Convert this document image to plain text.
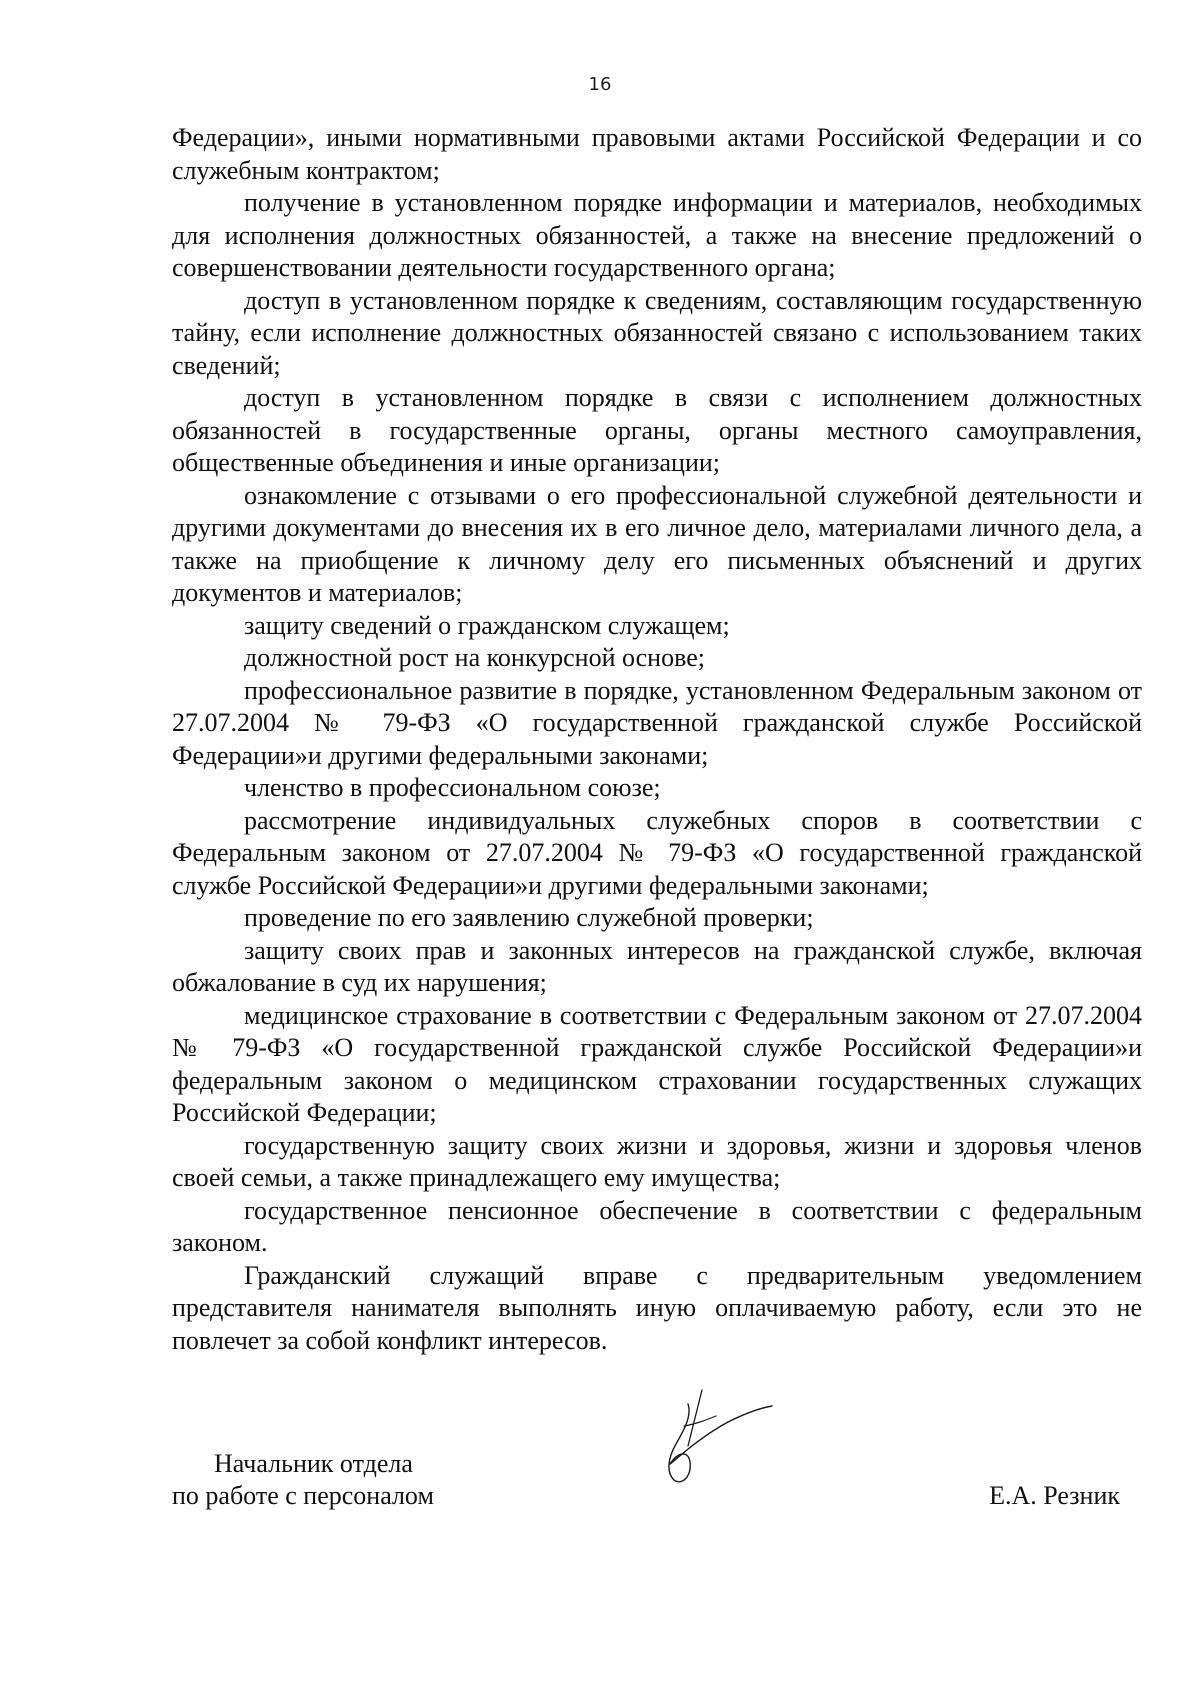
16

Федерации», иными нормативными правовыми актами Российской Федерации и со служебным контрактом;

получение в установленном порядке информации и материалов, необходимых для исполнения должностных обязанностей, а также на внесение предложений о совершенствовании деятельности государственного органа;

доступ в установленном порядке к сведениям, составляющим государственную тайну, если исполнение должностных обязанностей связано с использованием таких сведений;

доступ в установленном порядке в связи с исполнением должностных обязанностей в государственные органы, органы местного самоуправления, общественные объединения и иные организации;

ознакомление с отзывами о его профессиональной служебной деятельности и другими документами до внесения их в его личное дело, материалами личного дела, а также на приобщение к личному делу его письменных объяснений и других документов и материалов;

защиту сведений о гражданском служащем;

должностной рост на конкурсной основе;

профессиональное развитие в порядке, установленном Федеральным законом от 27.07.2004 № 79-ФЗ «О государственной гражданской службе Российской Федерации»и другими федеральными законами;

членство в профессиональном союзе;

рассмотрение индивидуальных служебных споров в соответствии с Федеральным законом от 27.07.2004 № 79-ФЗ «О государственной гражданской службе Российской Федерации»и другими федеральными законами;

проведение по его заявлению служебной проверки;

защиту своих прав и законных интересов на гражданской службе, включая обжалование в суд их нарушения;

медицинское страхование в соответствии с Федеральным законом от 27.07.2004 № 79-ФЗ «О государственной гражданской службе Российской Федерации»и федеральным законом о медицинском страховании государственных служащих Российской Федерации;

государственную защиту своих жизни и здоровья, жизни и здоровья членов своей семьи, а также принадлежащего ему имущества;

государственное пенсионное обеспечение в соответствии с федеральным законом.

Гражданский служащий вправе с предварительным уведомлением представителя нанимателя выполнять иную оплачиваемую работу, если это не повлечет за собой конфликт интересов.

Начальник отдела
по работе с персоналом	Е.А. Резник
